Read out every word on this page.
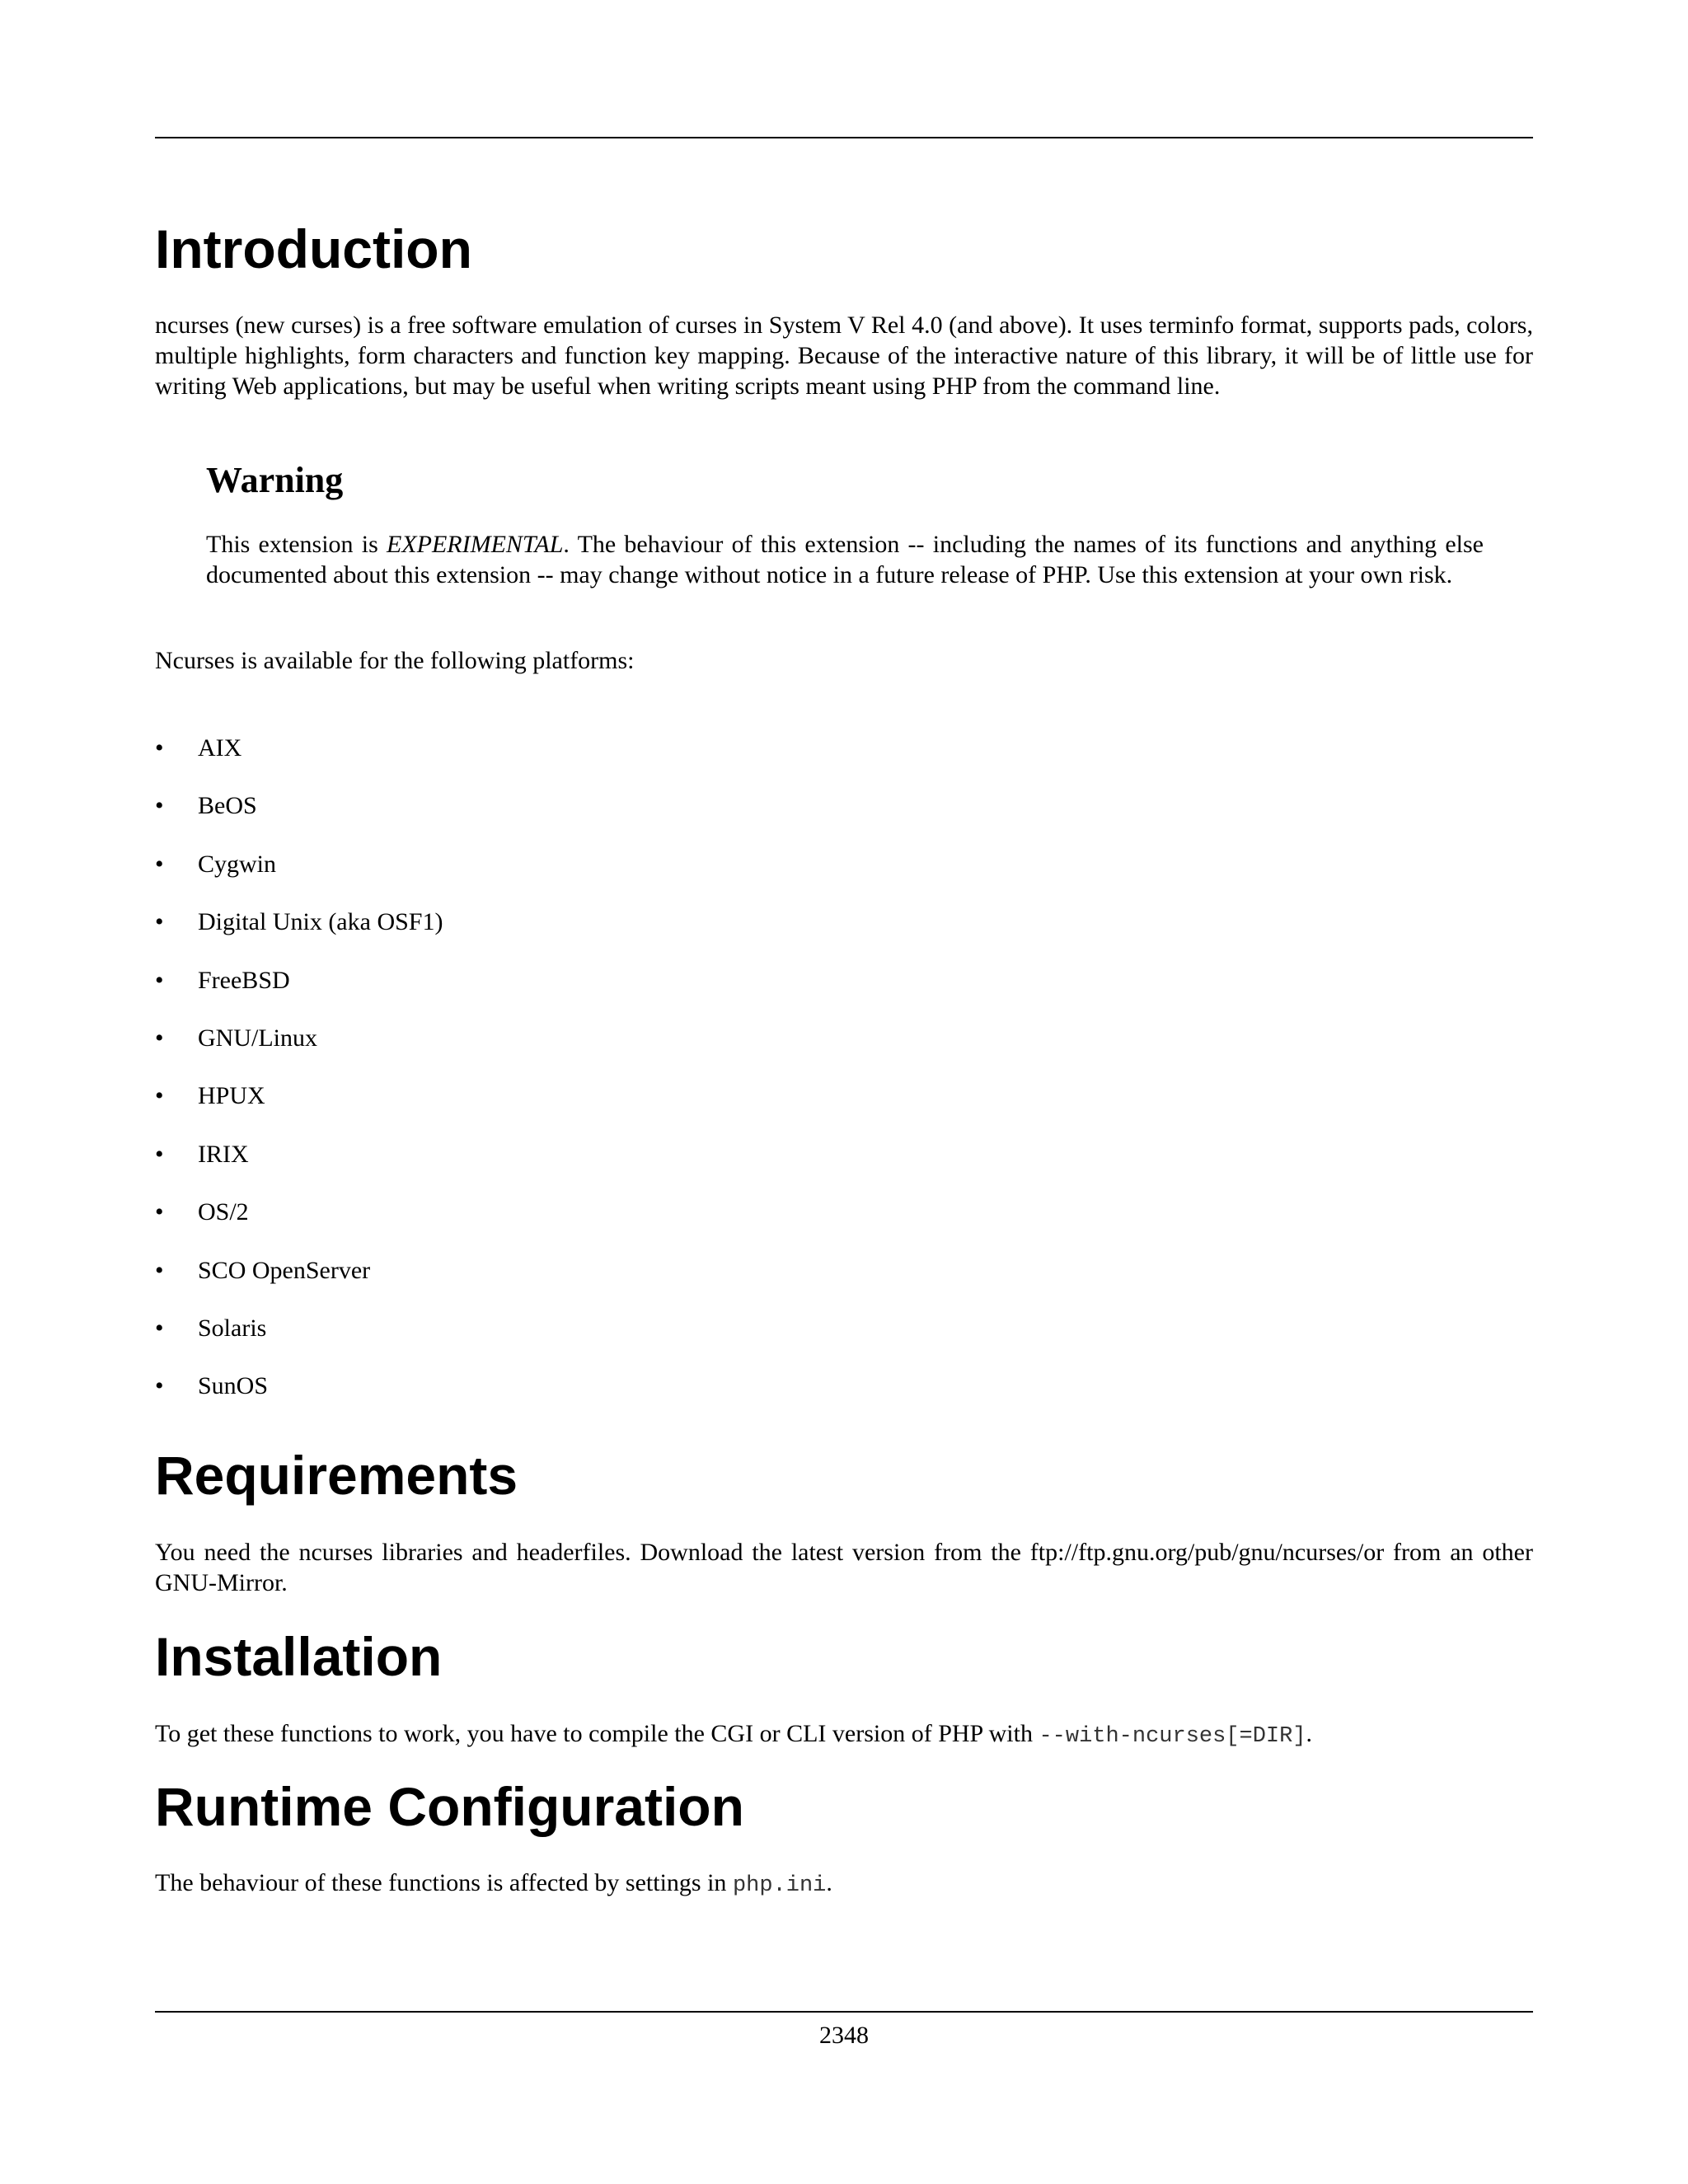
Introduction

ncurses (new curses) is a free software emulation of curses in System V Rel 4.0 (and above). It uses terminfo format, supports pads, colors, multiple highlights, form characters and function key mapping. Because of the interactive nature of this library, it will be of little use for writing Web applications, but may be useful when writing scripts meant using PHP from the command line.

Warning

This extension is EXPERIMENTAL. The behaviour of this extension -- including the names of its functions and anything else documented about this extension -- may change without notice in a future release of PHP. Use this extension at your own risk.

Ncurses is available for the following platforms:

•	AIX
•	BeOS
•	Cygwin
•	Digital Unix (aka OSF1)
•	FreeBSD
•	GNU/Linux
•	HPUX
•	IRIX
•	OS/2
•	SCO OpenServer
•	Solaris
•	SunOS
Requirements

You need the ncurses libraries and headerfiles. Download the latest version from the ftp://ftp.gnu.org/pub/gnu/ncurses/or from an other GNU-Mirror.

Installation

To get these functions to work, you have to compile the CGI or CLI version of PHP with --with-ncurses[=DIR].

Runtime Configuration

The behaviour of these functions is affected by settings in php.ini.

2348
